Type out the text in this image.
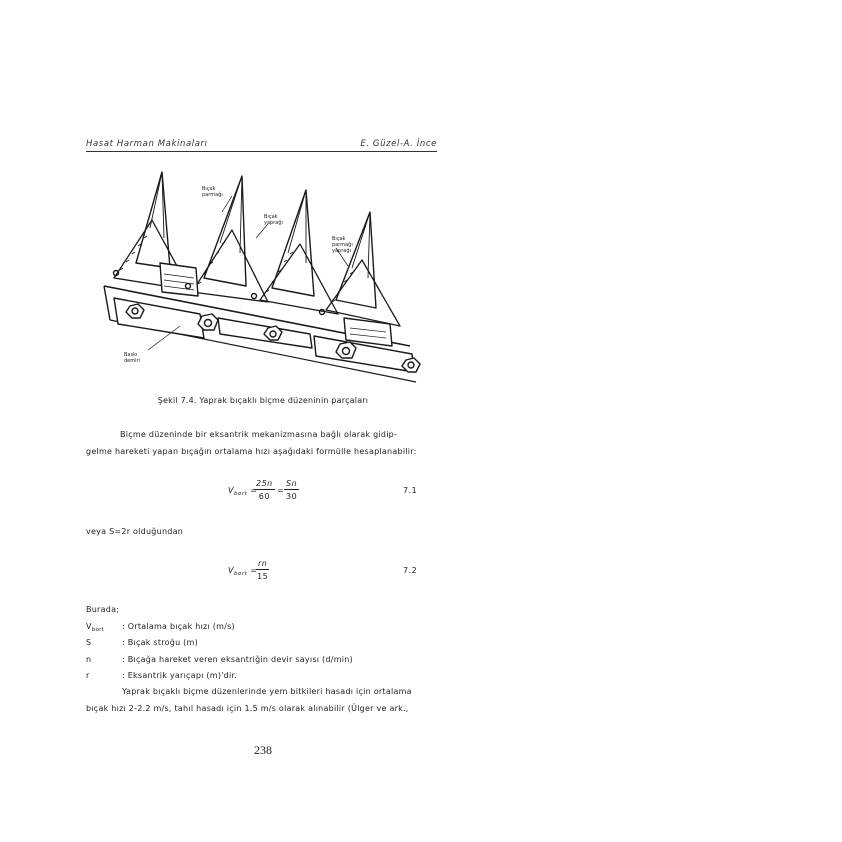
Hasat Harman Makinaları	E. Güzel-A. İnce
Bıçak
parmağı
Bıçak
yaprağı
Bıçak
parmağı
yaprağı
Baskı
demiri
Şekil 7.4. Yaprak bıçaklı biçme düzeninin parçaları
Biçme düzeninde bir eksantrik mekanizmasına bağlı olarak gidip-
gelme hareketi yapan bıçağın ortalama hızı aşağıdaki formülle hesaplanabilir:
$V_{bort}$ =
$\frac{25n}{60} = \frac{Sn}{30}$	7.1
veya S=2r olduğundan
$V_{bort}$ =
$\frac{rn}{15}$	7.2
Burada;
$V_{bort}$ : Ortalama bıçak hızı (m/s)
S	: Bıçak stroğu (m)
n	: Bıçağa hareket veren eksantriğin devir sayısı (d/min)
r	: Eksantrik yarıçapı (m)'dir.
Yaprak bıçaklı biçme düzenlerinde yem bitkileri hasadı için ortalama
bıçak hızı 2-2.2 m/s, tahıl hasadı için 1.5 m/s olarak alınabilir (Ülger ve ark.,
238
